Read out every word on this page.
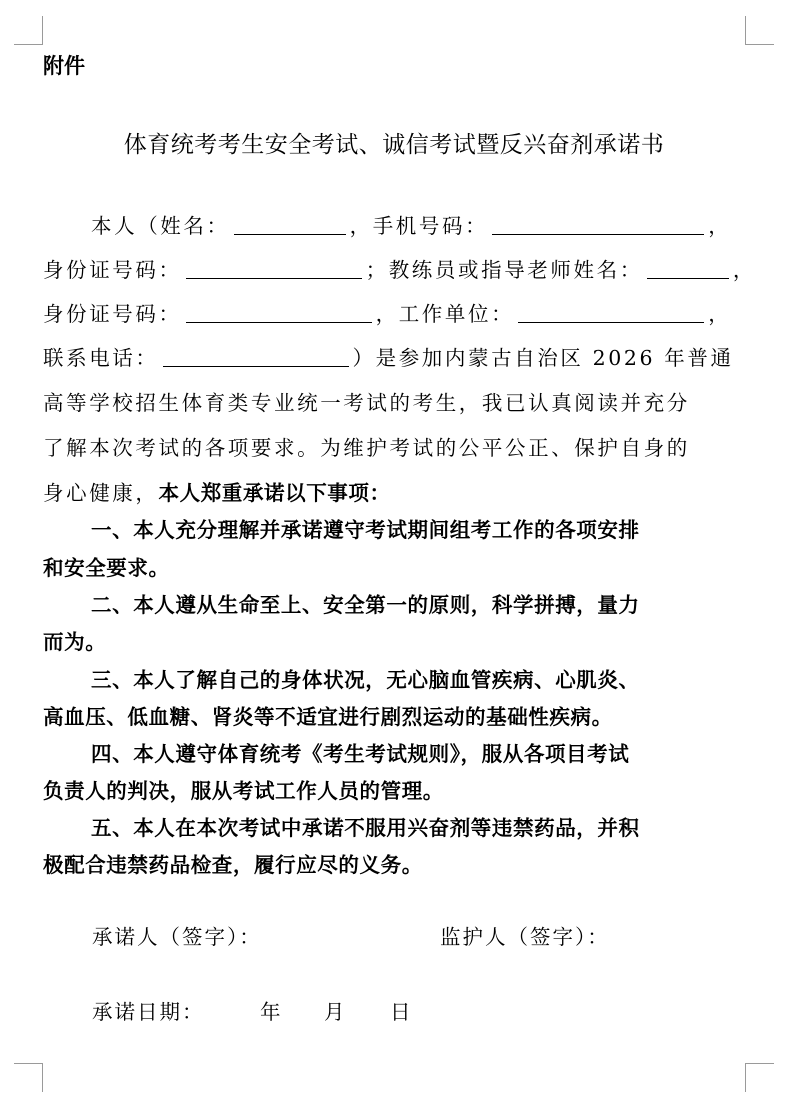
附件
体育统考考生安全考试、诚信考试暨反兴奋剂承诺书
本人（姓名：	，手机号码：	，
身份证号码：	；教练员或指导老师姓名：	，
身份证号码：	，工作单位：	，
联系电话：	）是参加内蒙古自治区 2026 年普通
高等学校招生体育类专业统一考试的考生，我已认真阅读并充分
了解本次考试的各项要求。为维护考试的公平公正、保护自身的
身心健康，本人郑重承诺以下事项：
一、本人充分理解并承诺遵守考试期间组考工作的各项安排
和安全要求。
二、本人遵从生命至上、安全第一的原则，科学拼搏，量力
而为。
三、本人了解自己的身体状况，无心脑血管疾病、心肌炎、
高血压、低血糖、肾炎等不适宜进行剧烈运动的基础性疾病。
四、本人遵守体育统考《考生考试规则》，服从各项目考试
负责人的判决，服从考试工作人员的管理。
五、本人在本次考试中承诺不服用兴奋剂等违禁药品，并积
极配合违禁药品检查，履行应尽的义务。
承诺人（签字）：	监护人（签字）：
承诺日期：	年 月 日
